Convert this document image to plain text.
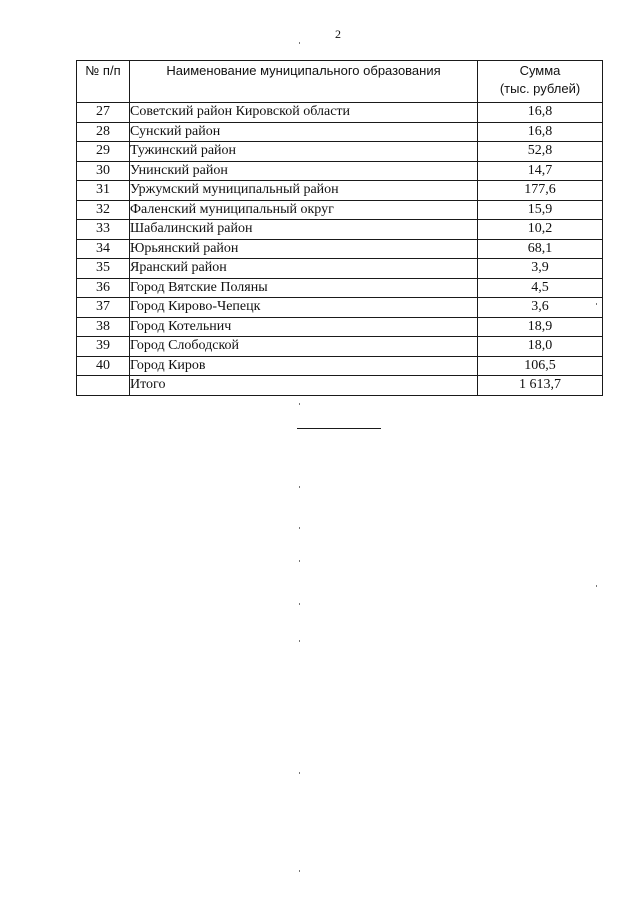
2
№ п/п	Наименование муниципального образования	Сумма
(тыс. рублей)
27	Советский район Кировской области	16,8
28	Сунский район	16,8
29	Тужинский район	52,8
30	Унинский район	14,7
31	Уржумский муниципальный район	177,6
32	Фаленский муниципальный округ	15,9
33	Шабалинский район	10,2
34	Юрьянский район	68,1
35	Яранский район	3,9
36	Город Вятские Поляны	4,5
37	Город Кирово-Чепецк	3,6
38	Город Котельнич	18,9
39	Город Слободской	18,0
40	Город Киров	106,5
	Итого	1 613,7
